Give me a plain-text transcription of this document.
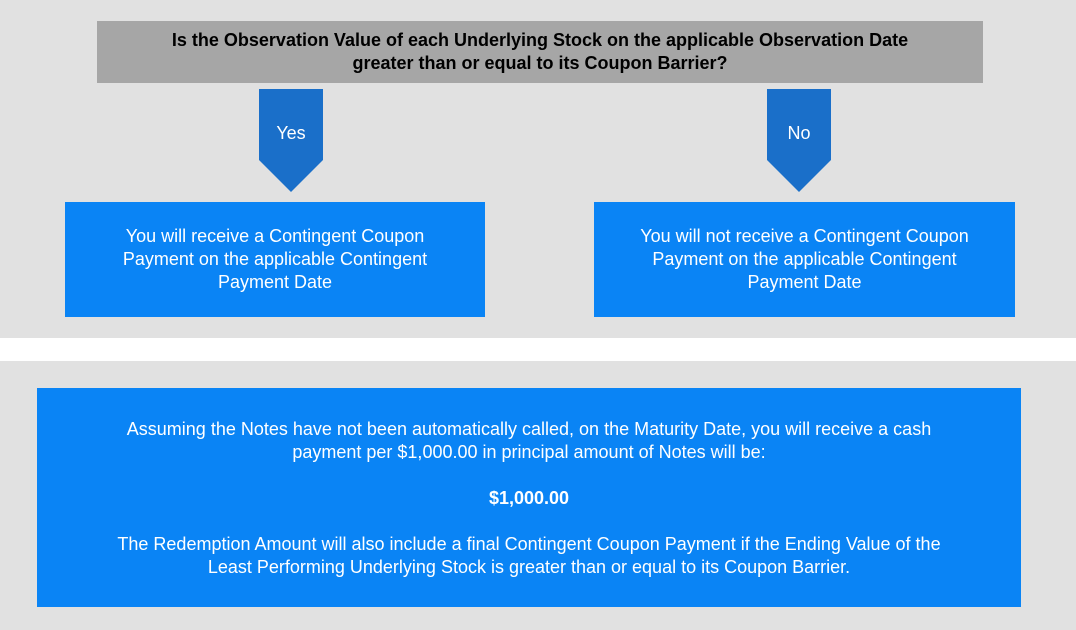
Is the Observation Value of each Underlying Stock on the applicable Observation Date
greater than or equal to its Coupon Barrier?
Yes	No
You will receive a Contingent Coupon
Payment on the applicable Contingent
Payment Date
You will not receive a Contingent Coupon
Payment on the applicable Contingent
Payment Date

Assuming the Notes have not been automatically called, on the Maturity Date, you will receive a cash
payment per $1,000.00 in principal amount of Notes will be:

$1,000.00

The Redemption Amount will also include a final Contingent Coupon Payment if the Ending Value of the
Least Performing Underlying Stock is greater than or equal to its Coupon Barrier.
